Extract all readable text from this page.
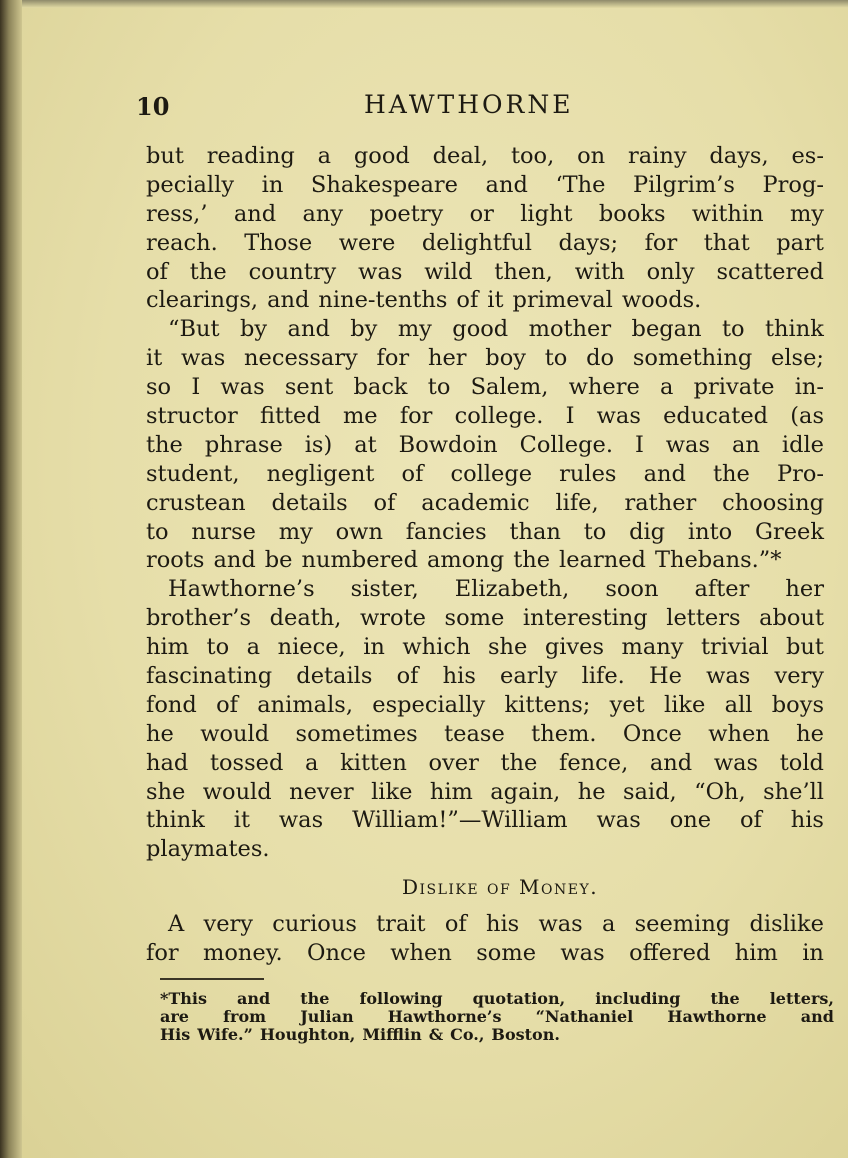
10	HAWTHORNE
but reading a good deal, too, on rainy days, es-
pecially in Shakespeare and ‘The Pilgrim’s Prog-
ress,’ and any poetry or light books within my
reach. Those were delightful days; for that part
of the country was wild then, with only scattered
clearings, and nine-tenths of it primeval woods.
“But by and by my good mother began to think
it was necessary for her boy to do something else;
so I was sent back to Salem, where a private in-
structor fitted me for college. I was educated (as
the phrase is) at Bowdoin College. I was an idle
student, negligent of college rules and the Pro-
crustean details of academic life, rather choosing
to nurse my own fancies than to dig into Greek
roots and be numbered among the learned Thebans.”*
Hawthorne’s sister, Elizabeth, soon after her
brother’s death, wrote some interesting letters about
him to a niece, in which she gives many trivial but
fascinating details of his early life. He was very
fond of animals, especially kittens; yet like all boys
he would sometimes tease them. Once when he
had tossed a kitten over the fence, and was told
she would never like him again, he said, “Oh, she’ll
think it was William!”—William was one of his
playmates.
Dislike of Money.
A very curious trait of his was a seeming dislike
for money. Once when some was offered him in
*This and the following quotation, including the letters,
are from Julian Hawthorne’s “Nathaniel Hawthorne and
His Wife.” Houghton, Mifflin & Co., Boston.
